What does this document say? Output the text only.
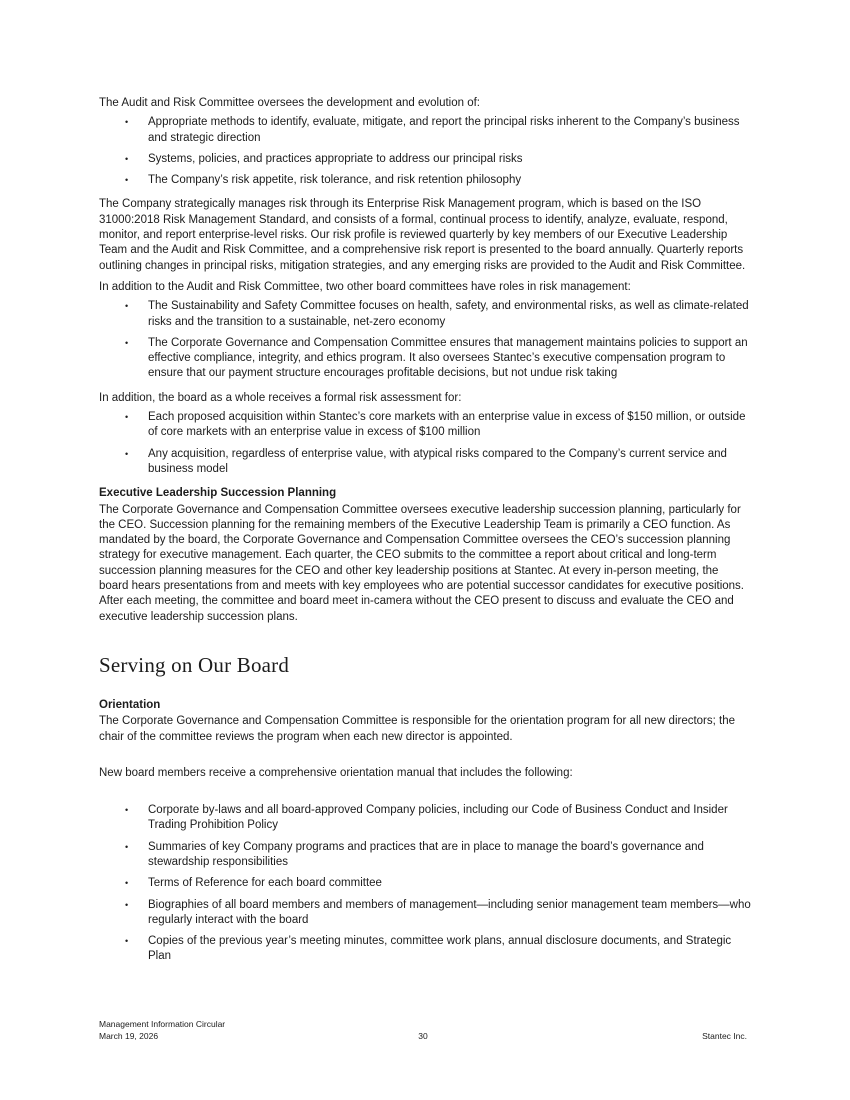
The Audit and Risk Committee oversees the development and evolution of:

•	Appropriate methods to identify, evaluate, mitigate, and report the principal risks inherent to the Company’s business and strategic direction
•	Systems, policies, and practices appropriate to address our principal risks
•	The Company’s risk appetite, risk tolerance, and risk retention philosophy

The Company strategically manages risk through its Enterprise Risk Management program, which is based on the ISO 31000:2018 Risk Management Standard, and consists of a formal, continual process to identify, analyze, evaluate, respond, monitor, and report enterprise-level risks. Our risk profile is reviewed quarterly by key members of our Executive Leadership Team and the Audit and Risk Committee, and a comprehensive risk report is presented to the board annually. Quarterly reports outlining changes in principal risks, mitigation strategies, and any emerging risks are provided to the Audit and Risk Committee.

In addition to the Audit and Risk Committee, two other board committees have roles in risk management:

•	The Sustainability and Safety Committee focuses on health, safety, and environmental risks, as well as climate-related risks and the transition to a sustainable, net-zero economy
•	The Corporate Governance and Compensation Committee ensures that management maintains policies to support an effective compliance, integrity, and ethics program. It also oversees Stantec’s executive compensation program to ensure that our payment structure encourages profitable decisions, but not undue risk taking

In addition, the board as a whole receives a formal risk assessment for:

•	Each proposed acquisition within Stantec’s core markets with an enterprise value in excess of $150 million, or outside of core markets with an enterprise value in excess of $100 million
•	Any acquisition, regardless of enterprise value, with atypical risks compared to the Company’s current service and business model
Executive Leadership Succession Planning

The Corporate Governance and Compensation Committee oversees executive leadership succession planning, particularly for the CEO. Succession planning for the remaining members of the Executive Leadership Team is primarily a CEO function. As mandated by the board, the Corporate Governance and Compensation Committee oversees the CEO’s succession planning strategy for executive management. Each quarter, the CEO submits to the committee a report about critical and long-term succession planning measures for the CEO and other key leadership positions at Stantec. At every in-person meeting, the board hears presentations from and meets with key employees who are potential successor candidates for executive positions. After each meeting, the committee and board meet in-camera without the CEO present to discuss and evaluate the CEO and executive leadership succession plans.

Serving on Our Board
Orientation

The Corporate Governance and Compensation Committee is responsible for the orientation program for all new directors; the chair of the committee reviews the program when each new director is appointed.

New board members receive a comprehensive orientation manual that includes the following:

•	Corporate by-laws and all board-approved Company policies, including our Code of Business Conduct and Insider Trading Prohibition Policy
•	Summaries of key Company programs and practices that are in place to manage the board’s governance and stewardship responsibilities
•	Terms of Reference for each board committee
•	Biographies of all board members and members of management—including senior management team members—who regularly interact with the board
•	Copies of the previous year’s meeting minutes, committee work plans, annual disclosure documents, and Strategic Plan
Management Information Circular
March 19, 2026	30	Stantec Inc.
